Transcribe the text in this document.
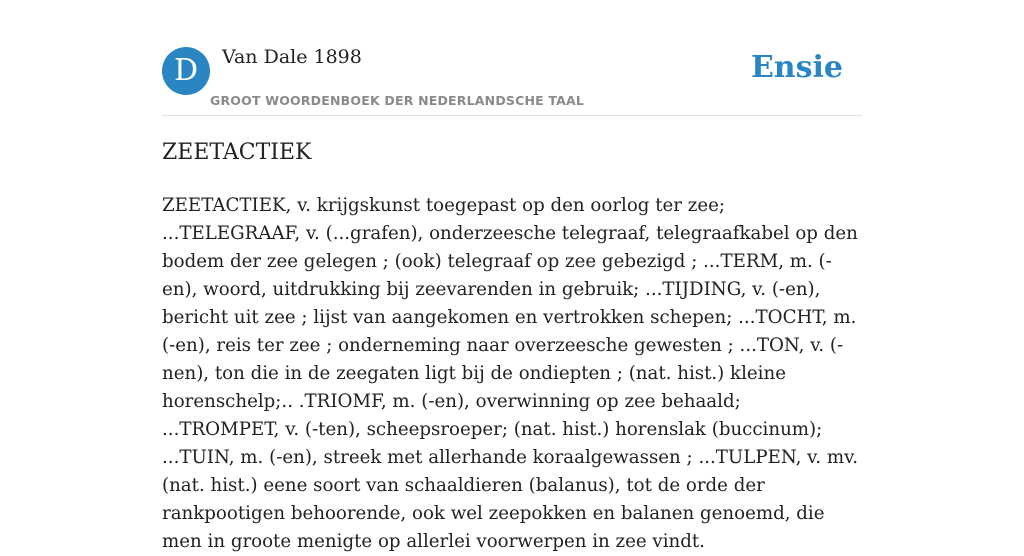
D	Van Dale 1898
GROOT WOORDENBOEK DER NEDERLANDSCHE TAAL
Ensie
ZEETACTIEK

ZEETACTIEK, v. krijgskunst toegepast op den oorlog ter zee; ...TELEGRAAF, v. (...grafen), onderzeesche telegraaf, telegraafkabel op den bodem der zee gelegen ; (ook) telegraaf op zee gebezigd ; ...TERM, m. (-en), woord, uitdrukking bij zeevarenden in gebruik; ...TIJDING, v. (-en), bericht uit zee ; lijst van aangekomen en vertrokken schepen; ...TOCHT, m. (-en), reis ter zee ; onderneming naar overzeesche gewesten ; ...TON, v. (-nen), ton die in de zeegaten ligt bij de ondiepten ; (nat. hist.) kleine horenschelp;.. .TRIOMF, m. (-en), overwinning op zee behaald; ...TROMPET, v. (-ten), scheepsroeper; (nat. hist.) horenslak (buccinum); ...TUIN, m. (-en), streek met allerhande koraalgewassen ; ...TULPEN, v. mv. (nat. hist.) eene soort van schaaldieren (balanus), tot de orde der rankpootigen behoorende, ook wel zeepokken en balanen genoemd, die men in groote menigte op allerlei voorwerpen in zee vindt.
